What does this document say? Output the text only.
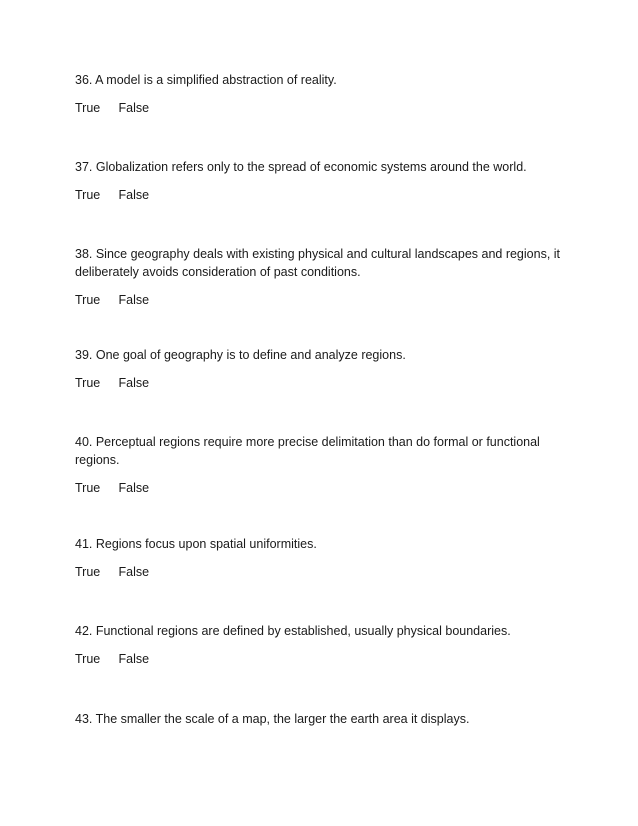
36. A model is a simplified abstraction of reality.

True False

37. Globalization refers only to the spread of economic systems around the world.

True False

38. Since geography deals with existing physical and cultural landscapes and regions, it deliberately avoids consideration of past conditions.

True False

39. One goal of geography is to define and analyze regions.

True False

40. Perceptual regions require more precise delimitation than do formal or functional regions.

True False

41. Regions focus upon spatial uniformities.

True False

42. Functional regions are defined by established, usually physical boundaries.

True False

43. The smaller the scale of a map, the larger the earth area it displays.
